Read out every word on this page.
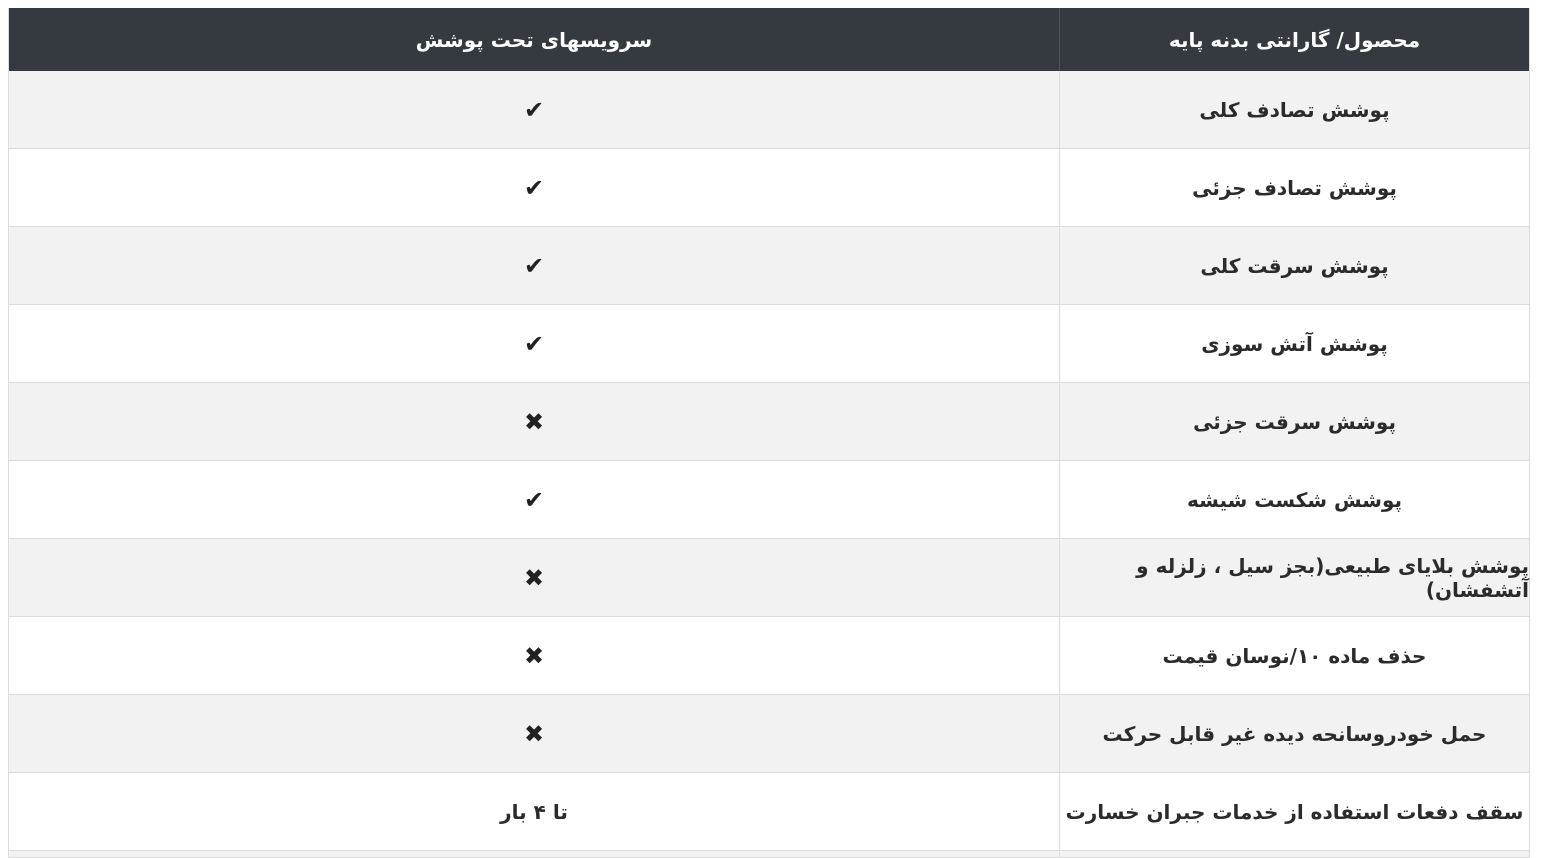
محصول/ گارانتی بدنه پایه
سرویسهای تحت پوشش
پوشش تصادف کلی
✔
پوشش تصادف جزئی
✔
پوشش سرقت کلی
✔
پوشش آتش سوزی
✔
پوشش سرقت جزئی
✖
پوشش شکست شیشه
✔
پوشش بلایای طبیعی(بجز سیل ، زلزله و آتشفشان)
✖
حذف ماده ۱۰/نوسان قیمت
✖
حمل خودروسانحه دیده غیر قابل حرکت
✖
سقف دفعات استفاده از خدمات جبران خسارت
تا ۴ بار
